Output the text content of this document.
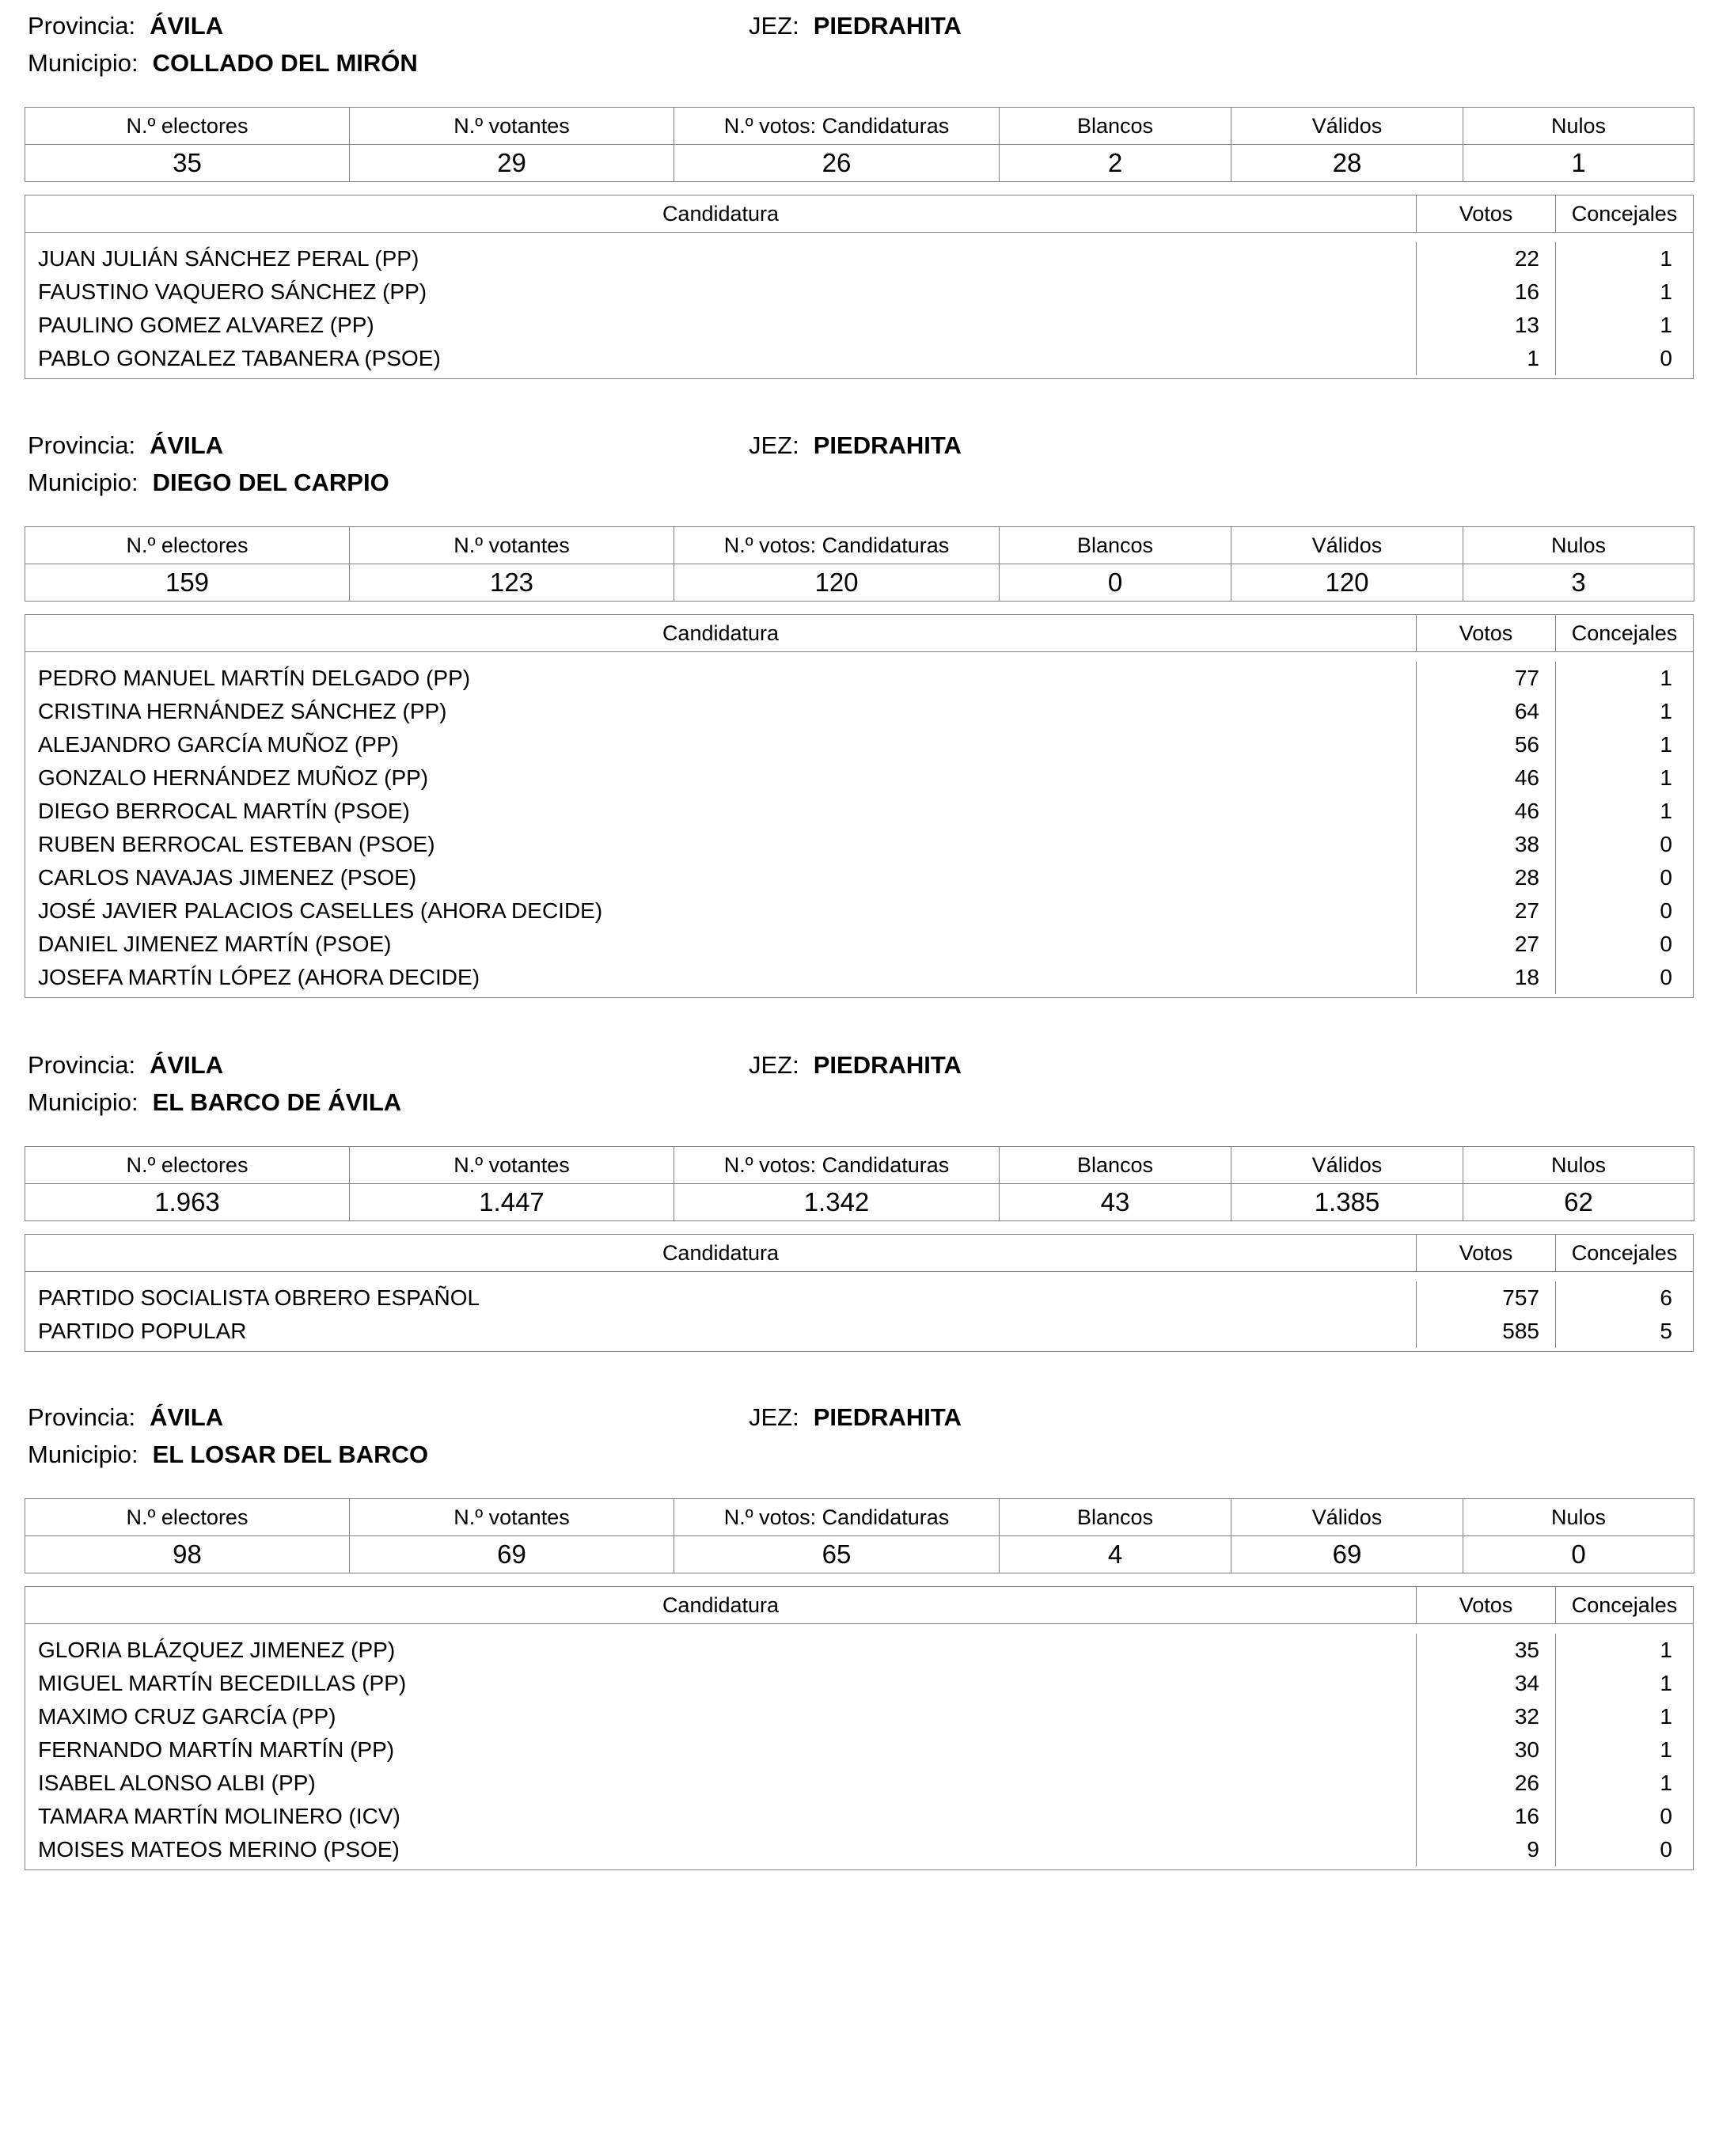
Provincia: ÁVILA	JEZ: PIEDRAHITA
Municipio: COLLADO DEL MIRÓN
N.º electores	N.º votantes	N.º votos: Candidaturas	Blancos	Válidos	Nulos
35	29	26	2	28	1
Candidatura	Votos	Concejales
JUAN JULIÁN SÁNCHEZ PERAL (PP)	22	1
FAUSTINO VAQUERO SÁNCHEZ (PP)	16	1
PAULINO GOMEZ ALVAREZ (PP)	13	1
PABLO GONZALEZ TABANERA (PSOE)	1	0
Provincia: ÁVILA	JEZ: PIEDRAHITA
Municipio: DIEGO DEL CARPIO
N.º electores	N.º votantes	N.º votos: Candidaturas	Blancos	Válidos	Nulos
159	123	120	0	120	3
Candidatura	Votos	Concejales
PEDRO MANUEL MARTÍN DELGADO (PP)	77	1
CRISTINA HERNÁNDEZ SÁNCHEZ (PP)	64	1
ALEJANDRO GARCÍA MUÑOZ (PP)	56	1
GONZALO HERNÁNDEZ MUÑOZ (PP)	46	1
DIEGO BERROCAL MARTÍN (PSOE)	46	1
RUBEN BERROCAL ESTEBAN (PSOE)	38	0
CARLOS NAVAJAS JIMENEZ (PSOE)	28	0
JOSÉ JAVIER PALACIOS CASELLES (AHORA DECIDE)	27	0
DANIEL JIMENEZ MARTÍN (PSOE)	27	0
JOSEFA MARTÍN LÓPEZ (AHORA DECIDE)	18	0
Provincia: ÁVILA	JEZ: PIEDRAHITA
Municipio: EL BARCO DE ÁVILA
N.º electores	N.º votantes	N.º votos: Candidaturas	Blancos	Válidos	Nulos
1.963	1.447	1.342	43	1.385	62
Candidatura	Votos	Concejales
PARTIDO SOCIALISTA OBRERO ESPAÑOL	757	6
PARTIDO POPULAR	585	5
Provincia: ÁVILA	JEZ: PIEDRAHITA
Municipio: EL LOSAR DEL BARCO
N.º electores	N.º votantes	N.º votos: Candidaturas	Blancos	Válidos	Nulos
98	69	65	4	69	0
Candidatura	Votos	Concejales
GLORIA BLÁZQUEZ JIMENEZ (PP)	35	1
MIGUEL MARTÍN BECEDILLAS (PP)	34	1
MAXIMO CRUZ GARCÍA (PP)	32	1
FERNANDO MARTÍN MARTÍN (PP)	30	1
ISABEL ALONSO ALBI (PP)	26	1
TAMARA MARTÍN MOLINERO (ICV)	16	0
MOISES MATEOS MERINO (PSOE)	9	0
